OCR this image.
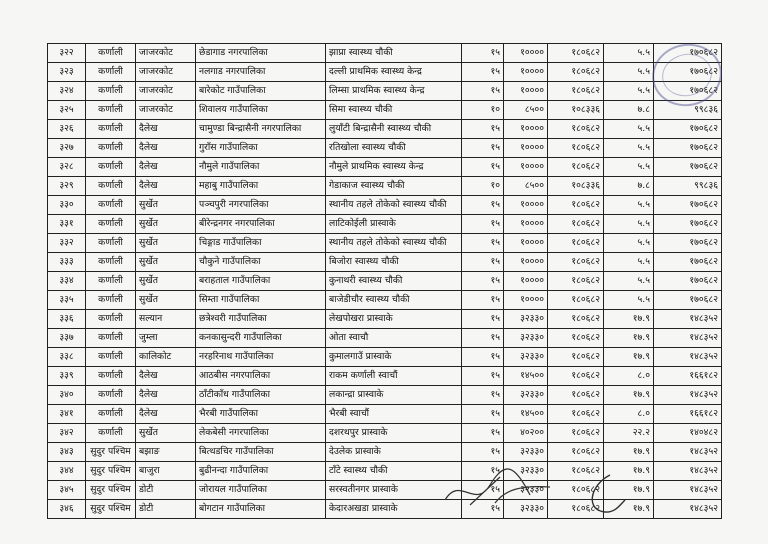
३२२	कर्णाली	जाजरकोट	छेडागाड नगरपालिका	झाप्रा स्वास्थ्य चौकी	१५	१००००	१८०६८२	५.५	१७०६८२
३२३	कर्णाली	जाजरकोट	नलगाड नगरपालिका	दल्ली प्राथमिक स्वास्थ्य केन्द्र	१५	१००००	१८०६८२	५.५	१७०६८२
३२४	कर्णाली	जाजरकोट	बारेकोट गाउँपालिका	लिम्सा प्राथमिक स्वास्थ्य केन्द्र	१५	१००००	१८०६८२	५.५	१७०६८२
३२५	कर्णाली	जाजरकोट	शिवालय गाउँपालिका	सिमा स्वास्थ्य चौकी	१०	८५००	१०८३३६	७.८	९९८३६
३२६	कर्णाली	दैलेख	चामुण्डा बिन्द्रासैनी नगरपालिका	लुयाँटी बिन्द्रासैनी स्वास्थ्य चौकी	१५	१००००	१८०६८२	५.५	१७०६८२
३२७	कर्णाली	दैलेख	गुराँस गाउँपालिका	रतिखोला स्वास्थ्य चौकी	१५	१००००	१८०६८२	५.५	१७०६८२
३२८	कर्णाली	दैलेख	नौमुले गाउँपालिका	नौमुले प्राथमिक स्वास्थ्य केन्द्र	१५	१००००	१८०६८२	५.५	१७०६८२
३२९	कर्णाली	दैलेख	महाबु गाउँपालिका	गेडाकाज स्वास्थ्य चौकी	१०	८५००	१०८३३६	७.८	९९८३६
३३०	कर्णाली	सुर्खेत	पञ्चपुरी नगरपालिका	स्थानीय तहले तोकेको स्वास्थ्य चौकी	१५	१००००	१८०६८२	५.५	१७०६८२
३३१	कर्णाली	सुर्खेत	बीरेन्द्रनगर नगरपालिका	लाटिकोईली प्रास्वाके	१५	१००००	१८०६८२	५.५	१७०६८२
३३२	कर्णाली	सुर्खेत	चिङ्गाड गाउँपालिका	स्थानीय तहले तोकेको स्वास्थ्य चौकी	१५	१००००	१८०६८२	५.५	१७०६८२
३३३	कर्णाली	सुर्खेत	चौकुने गाउँपालिका	बिजोरा स्वास्थ्य चौकी	१५	१००००	१८०६८२	५.५	१७०६८२
३३४	कर्णाली	सुर्खेत	बराहताल गाउँपालिका	कुनाथरी स्वास्थ्य चौकी	१५	१००००	१८०६८२	५.५	१७०६८२
३३५	कर्णाली	सुर्खेत	सिम्ता गाउँपालिका	बाजेडीचौर स्वास्थ्य चौकी	१५	१००००	१८०६८२	५.५	१७०६८२
३३६	कर्णाली	सल्यान	छत्रेश्वरी गाउँपालिका	लेखपोखरा प्रास्वाके	१५	३२३३०	१८०६८२	१७.९	१४८३५२
३३७	कर्णाली	जुम्ला	कनकासुन्दरी गाउँपालिका	ओता स्वाचौ	१५	३२३३०	१८०६८२	१७.९	१४८३५२
३३८	कर्णाली	कालिकोट	नरहरिनाथ गाउँपालिका	कुमालगाउँ प्रास्वाके	१५	३२३३०	१८०६८२	१७.९	१४८३५२
३३९	कर्णाली	दैलेख	आठबीस नगरपालिका	राकम कर्णाली स्वाचौं	१५	१४५००	१८०६८२	८.०	१६६१८२
३४०	कर्णाली	दैलेख	ठाँटीकाँध गाउँपालिका	लकान्द्रा प्रास्वाके	१५	३२३३०	१८०६८२	१७.९	१४८३५२
३४१	कर्णाली	दैलेख	भैरबी गाउँपालिका	भैरबी स्वाचौं	१५	१४५००	१८०६८२	८.०	१६६१८२
३४२	कर्णाली	सुर्खेत	लेकबेसी नगरपालिका	दशरथपुर प्रास्वाके	१५	४०२००	१८०६८२	२२.२	१४०४८२
३४३	सुदुर पश्चिम	बझाङ	बित्थडचिर गाउँपालिका	देउलेक प्रास्वाके	१५	३२३३०	१८०६८२	१७.९	१४८३५२
३४४	सुदुर पश्चिम	बाजुरा	बुढीनन्दा गाउँपालिका	टाँटे स्वास्थ्य चौकी	१५	३२३३०	१८०६८२	१७.९	१४८३५२
३४५	सुदुर पश्चिम	डोटी	जोरायल गाउँपालिका	सरस्वतीनगर प्रास्वाके	१५	३२३३०	१८०६८२	१७.९	१४८३५२
३४६	सुदुर पश्चिम	डोटी	बोगटान गाउँपालिका	केदारअखडा प्रास्वाके	१५	३२३३०	१८०६८२	१७.९	१४८३५२
